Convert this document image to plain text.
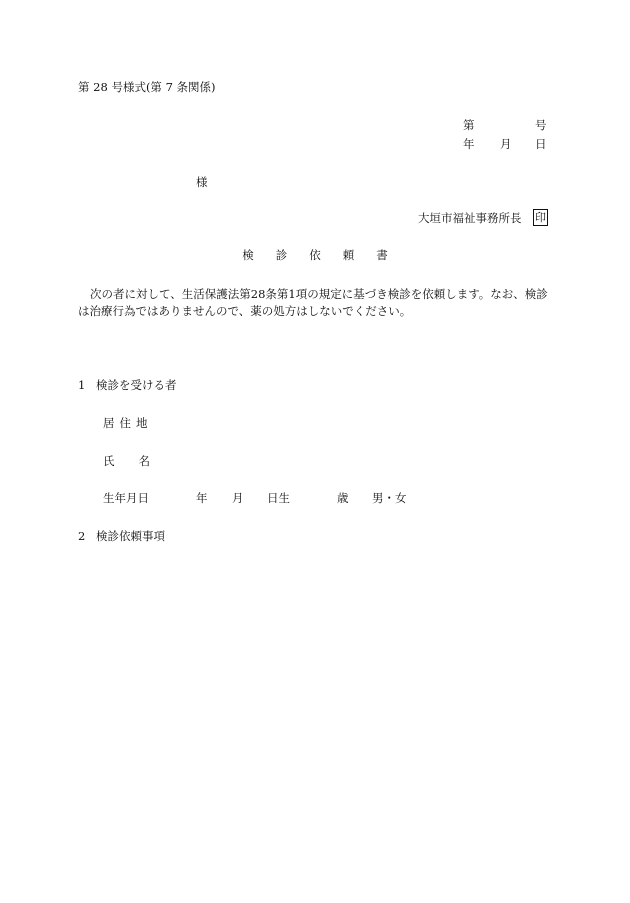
第 28 号様式(第 7 条関係)
第	号
年 月 日
様
大垣市福祉事務所長 印
検 診 依 頼 書
次の者に対して、生活保護法第28条第1項の規定に基づき検診を依頼します。なお、検診は治療行為ではありませんので、薬の処方はしないでください。
1 検診を受ける者
居住地
氏 名
生年月日	年 月 日生	歳 男・女
2 検診依頼事項
